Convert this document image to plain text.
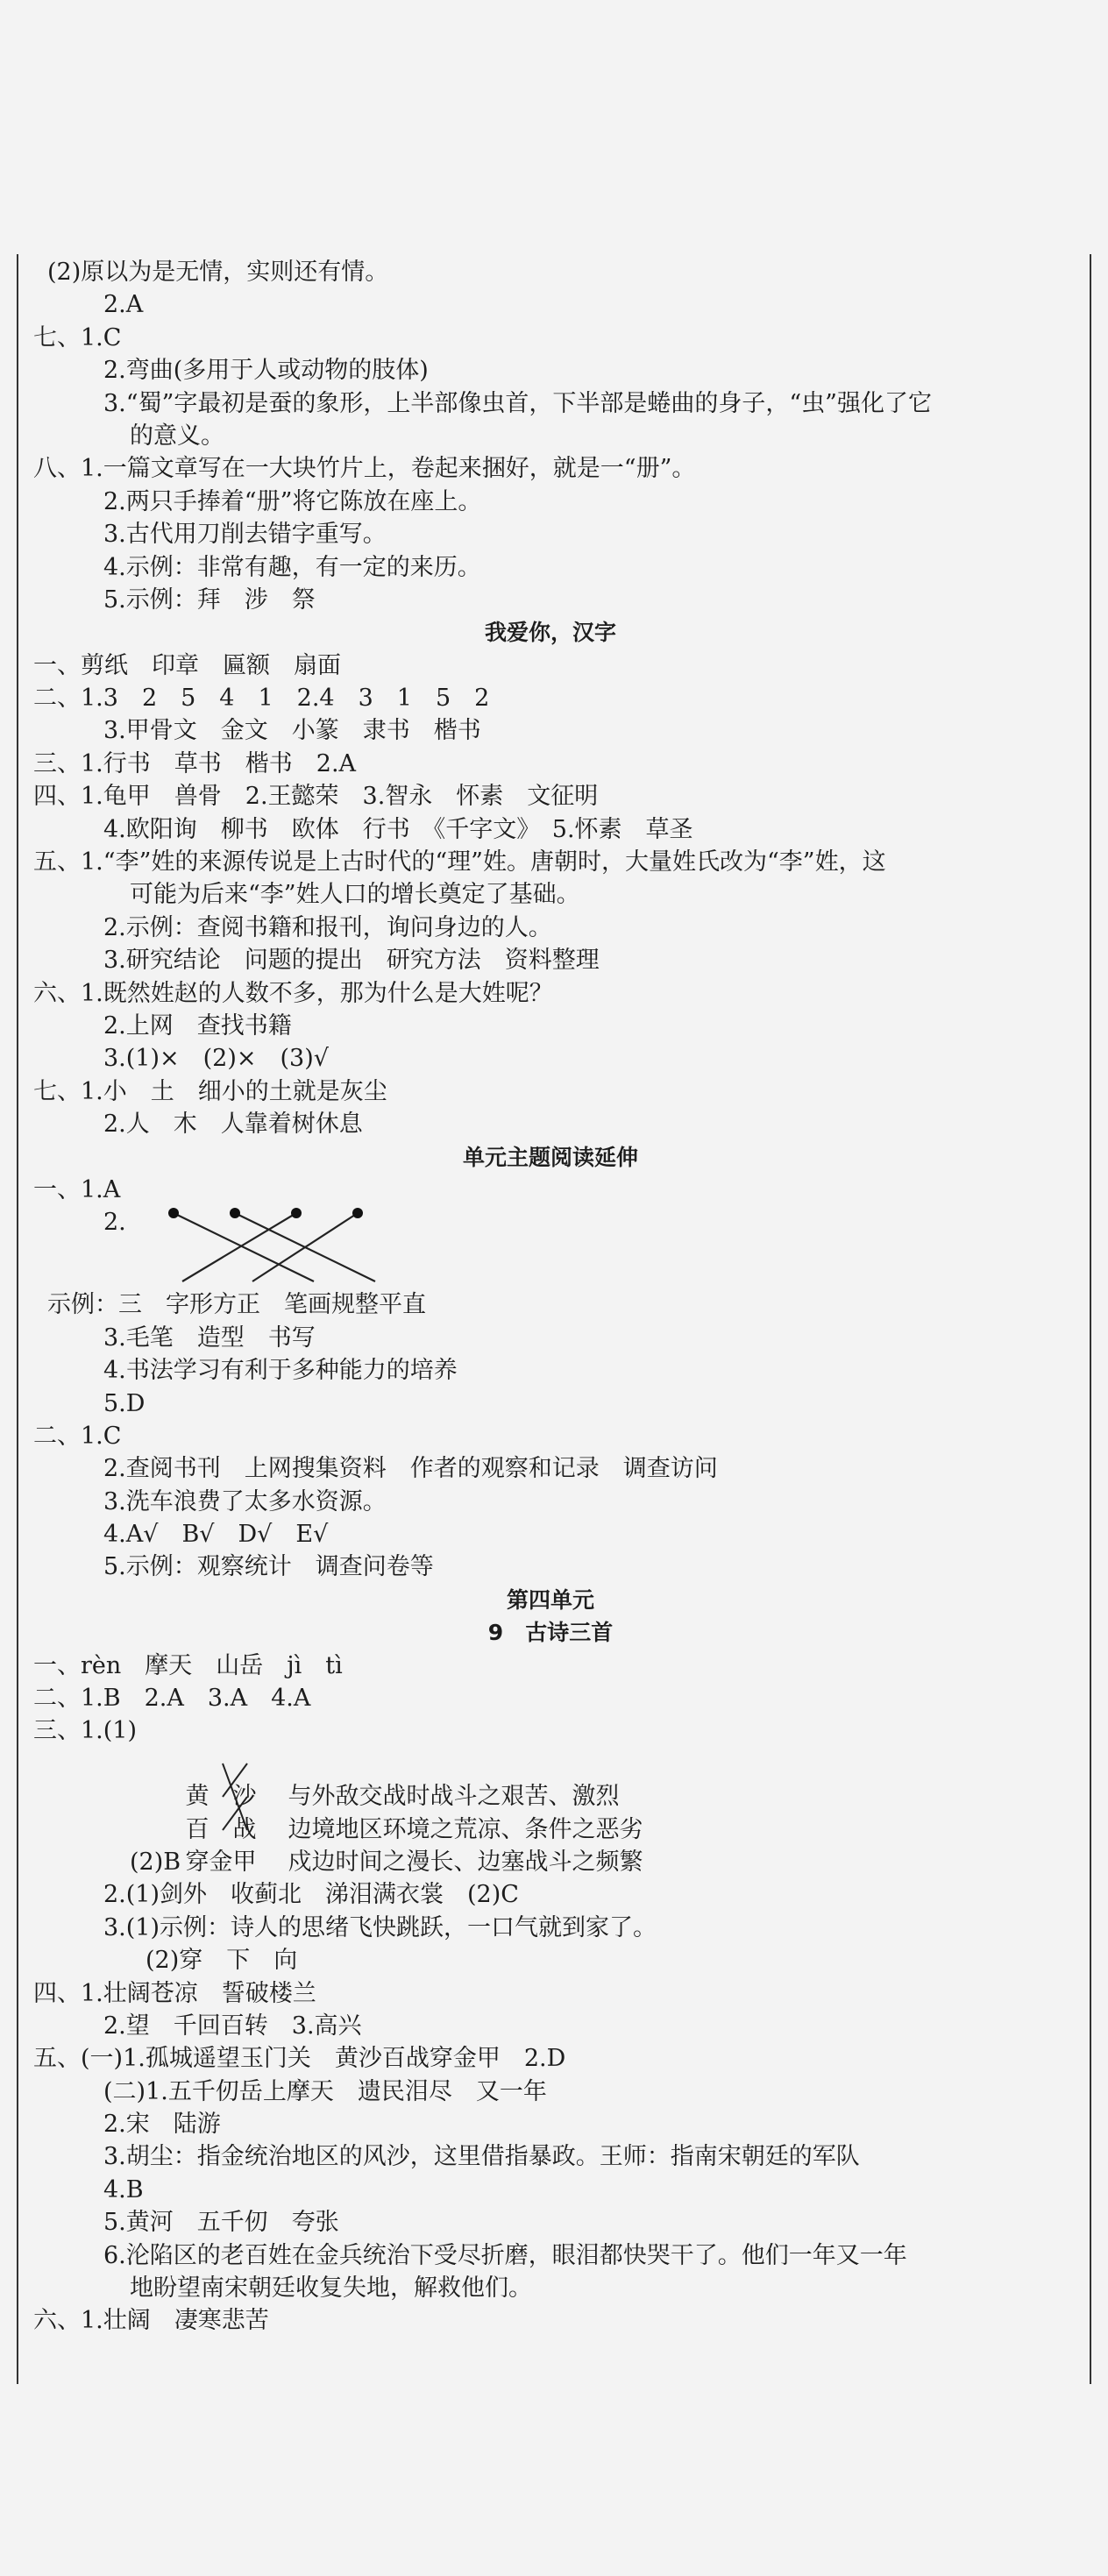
(2)原以为是无情，实则还有情。
2.A
七、1.C
2.弯曲(多用于人或动物的肢体)
3.“蜀”字最初是蚕的象形，上半部像虫首，下半部是蜷曲的身子，“虫”强化了它
的意义。
八、1.一篇文章写在一大块竹片上，卷起来捆好，就是一“册”。
2.两只手捧着“册”将它陈放在座上。
3.古代用刀削去错字重写。
4.示例：非常有趣，有一定的来历。
5.示例：拜　涉　祭
我爱你，汉字
一、剪纸　印章　匾额　扇面
二、1.3　2　5　4　1　2.4　3　1　5　2
3.甲骨文　金文　小篆　隶书　楷书
三、1.行书　草书　楷书　2.A
四、1.龟甲　兽骨　2.王懿荣　3.智永　怀素　文征明
4.欧阳询　柳书　欧体　行书　《千字文》　5.怀素　草圣
五、1.“李”姓的来源传说是上古时代的“理”姓。唐朝时，大量姓氏改为“李”姓，这
可能为后来“李”姓人口的增长奠定了基础。
2.示例：查阅书籍和报刊，询问身边的人。
3.研究结论　问题的提出　研究方法　资料整理
六、1.既然姓赵的人数不多，那为什么是大姓呢？
2.上网　查找书籍
3.(1)×　(2)×　(3)√
七、1.小　土　细小的土就是灰尘
2.人　木　人靠着树休息
单元主题阅读延伸
一、1.A
2.
示例：三　字形方正　笔画规整平直
3.毛笔　造型　书写
4.书法学习有利于多种能力的培养
5.D
二、1.C
2.查阅书刊　上网搜集资料　作者的观察和记录　调查访问
3.洗车浪费了太多水资源。
4.A√　B√　D√　E√
5.示例：观察统计　调查问卷等
第四单元
9　古诗三首
一、rèn　摩天　山岳　jì　tì
二、1.B　2.A　3.A　4.A
三、1.(1)

黄　沙 与外敌交战时战斗之艰苦、激烈

百　战 边境地区环境之荒凉、条件之恶劣

穿金甲 戍边时间之漫长、边塞战斗之频繁

(2)B
2.(1)剑外　收蓟北　涕泪满衣裳　(2)C
3.(1)示例：诗人的思绪飞快跳跃，一口气就到家了。
(2)穿　下　向
四、1.壮阔苍凉　誓破楼兰
2.望　千回百转　3.高兴
五、(一)1.孤城遥望玉门关　黄沙百战穿金甲　2.D
(二)1.五千仞岳上摩天　遗民泪尽　又一年
2.宋　陆游
3.胡尘：指金统治地区的风沙，这里借指暴政。王师：指南宋朝廷的军队
4.B
5.黄河　五千仞　夸张
6.沦陷区的老百姓在金兵统治下受尽折磨，眼泪都快哭干了。他们一年又一年
地盼望南宋朝廷收复失地，解救他们。
六、1.壮阔　凄寒悲苦
